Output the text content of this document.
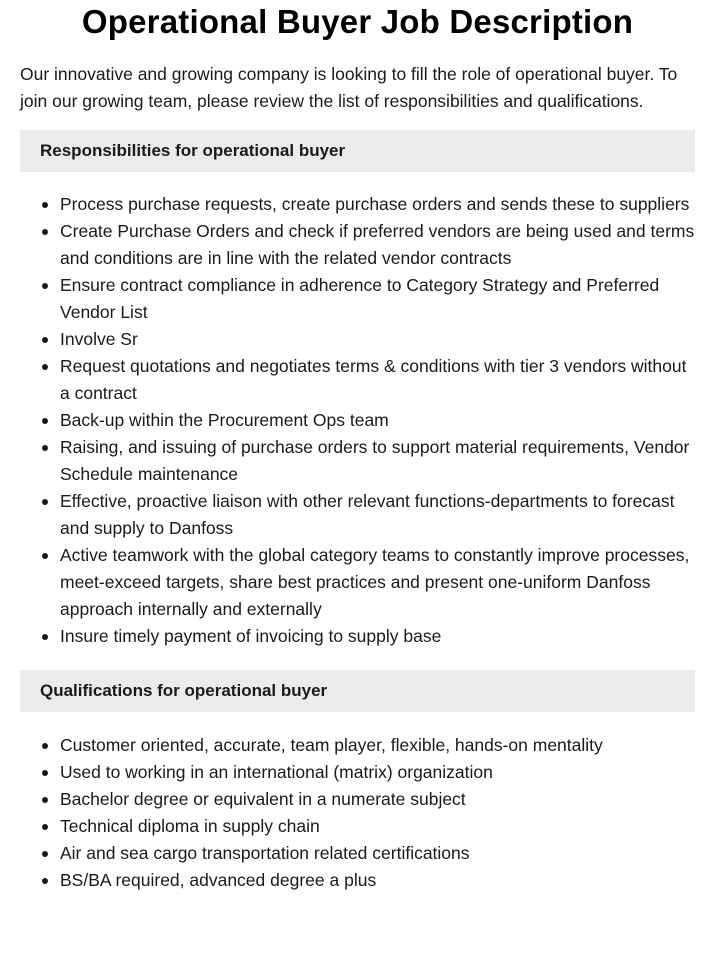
Operational Buyer Job Description

Our innovative and growing company is looking to fill the role of operational buyer. To join our growing team, please review the list of responsibilities and qualifications.

Responsibilities for operational buyer
Process purchase requests, create purchase orders and sends these to suppliers
Create Purchase Orders and check if preferred vendors are being used and terms and conditions are in line with the related vendor contracts
Ensure contract compliance in adherence to Category Strategy and Preferred Vendor List
Involve Sr
Request quotations and negotiates terms & conditions with tier 3 vendors without a contract
Back-up within the Procurement Ops team
Raising, and issuing of purchase orders to support material requirements, Vendor Schedule maintenance
Effective, proactive liaison with other relevant functions-departments to forecast and supply to Danfoss
Active teamwork with the global category teams to constantly improve processes, meet-exceed targets, share best practices and present one-uniform Danfoss approach internally and externally
Insure timely payment of invoicing to supply base
Qualifications for operational buyer
Customer oriented, accurate, team player, flexible, hands-on mentality
Used to working in an international (matrix) organization
Bachelor degree or equivalent in a numerate subject
Technical diploma in supply chain
Air and sea cargo transportation related certifications
BS/BA required, advanced degree a plus
